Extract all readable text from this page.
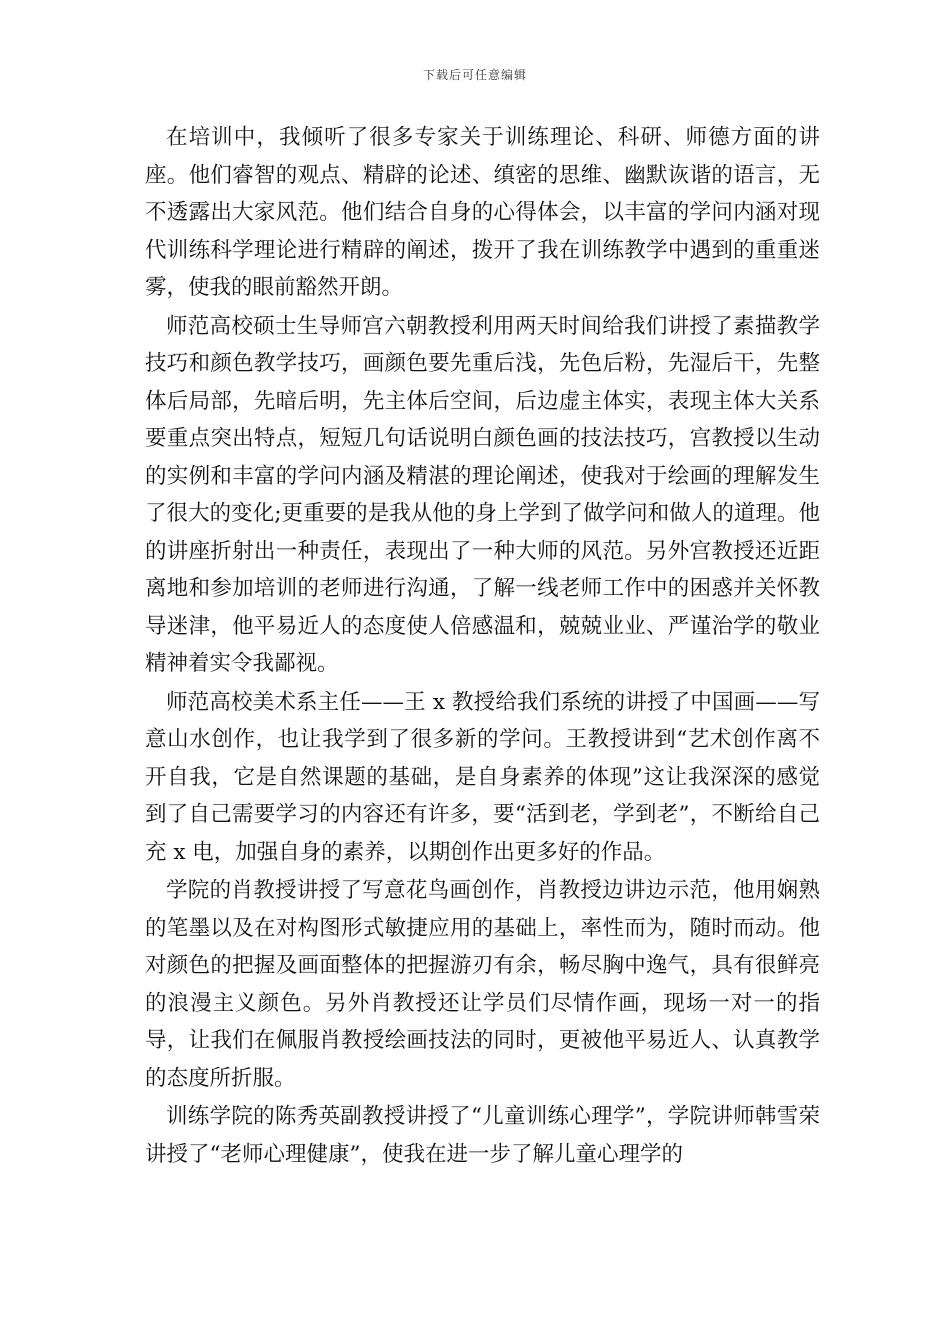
下载后可任意编辑

在培训中，我倾听了很多专家关于训练理论、科研、师德方面的讲座。他们睿智的观点、精辟的论述、缜密的思维、幽默诙谐的语言，无不透露出大家风范。他们结合自身的心得体会，以丰富的学问内涵对现代训练科学理论进行精辟的阐述，拨开了我在训练教学中遇到的重重迷雾，使我的眼前豁然开朗。

师范高校硕士生导师宫六朝教授利用两天时间给我们讲授了素描教学技巧和颜色教学技巧，画颜色要先重后浅，先色后粉，先湿后干，先整体后局部，先暗后明，先主体后空间，后边虚主体实，表现主体大关系要重点突出特点，短短几句话说明白颜色画的技法技巧，宫教授以生动的实例和丰富的学问内涵及精湛的理论阐述，使我对于绘画的理解发生了很大的变化;更重要的是我从他的身上学到了做学问和做人的道理。他的讲座折射出一种责任，表现出了一种大师的风范。另外宫教授还近距离地和参加培训的老师进行沟通，了解一线老师工作中的困惑并关怀教导迷津，他平易近人的态度使人倍感温和，兢兢业业、严谨治学的敬业精神着实令我鄙视。

师范高校美术系主任——王 x 教授给我们系统的讲授了中国画——写意山水创作，也让我学到了很多新的学问。王教授讲到“艺术创作离不开自我，它是自然课题的基础，是自身素养的体现”这让我深深的感觉到了自己需要学习的内容还有许多，要“活到老，学到老”，不断给自己充 x 电，加强自身的素养，以期创作出更多好的作品。

学院的肖教授讲授了写意花鸟画创作，肖教授边讲边示范，他用娴熟的笔墨以及在对构图形式敏捷应用的基础上，率性而为，随时而动。他对颜色的把握及画面整体的把握游刃有余，畅尽胸中逸气，具有很鲜亮的浪漫主义颜色。另外肖教授还让学员们尽情作画，现场一对一的指导，让我们在佩服肖教授绘画技法的同时，更被他平易近人、认真教学的态度所折服。

训练学院的陈秀英副教授讲授了“儿童训练心理学”，学院讲师韩雪荣讲授了“老师心理健康”，使我在进一步了解儿童心理学的
